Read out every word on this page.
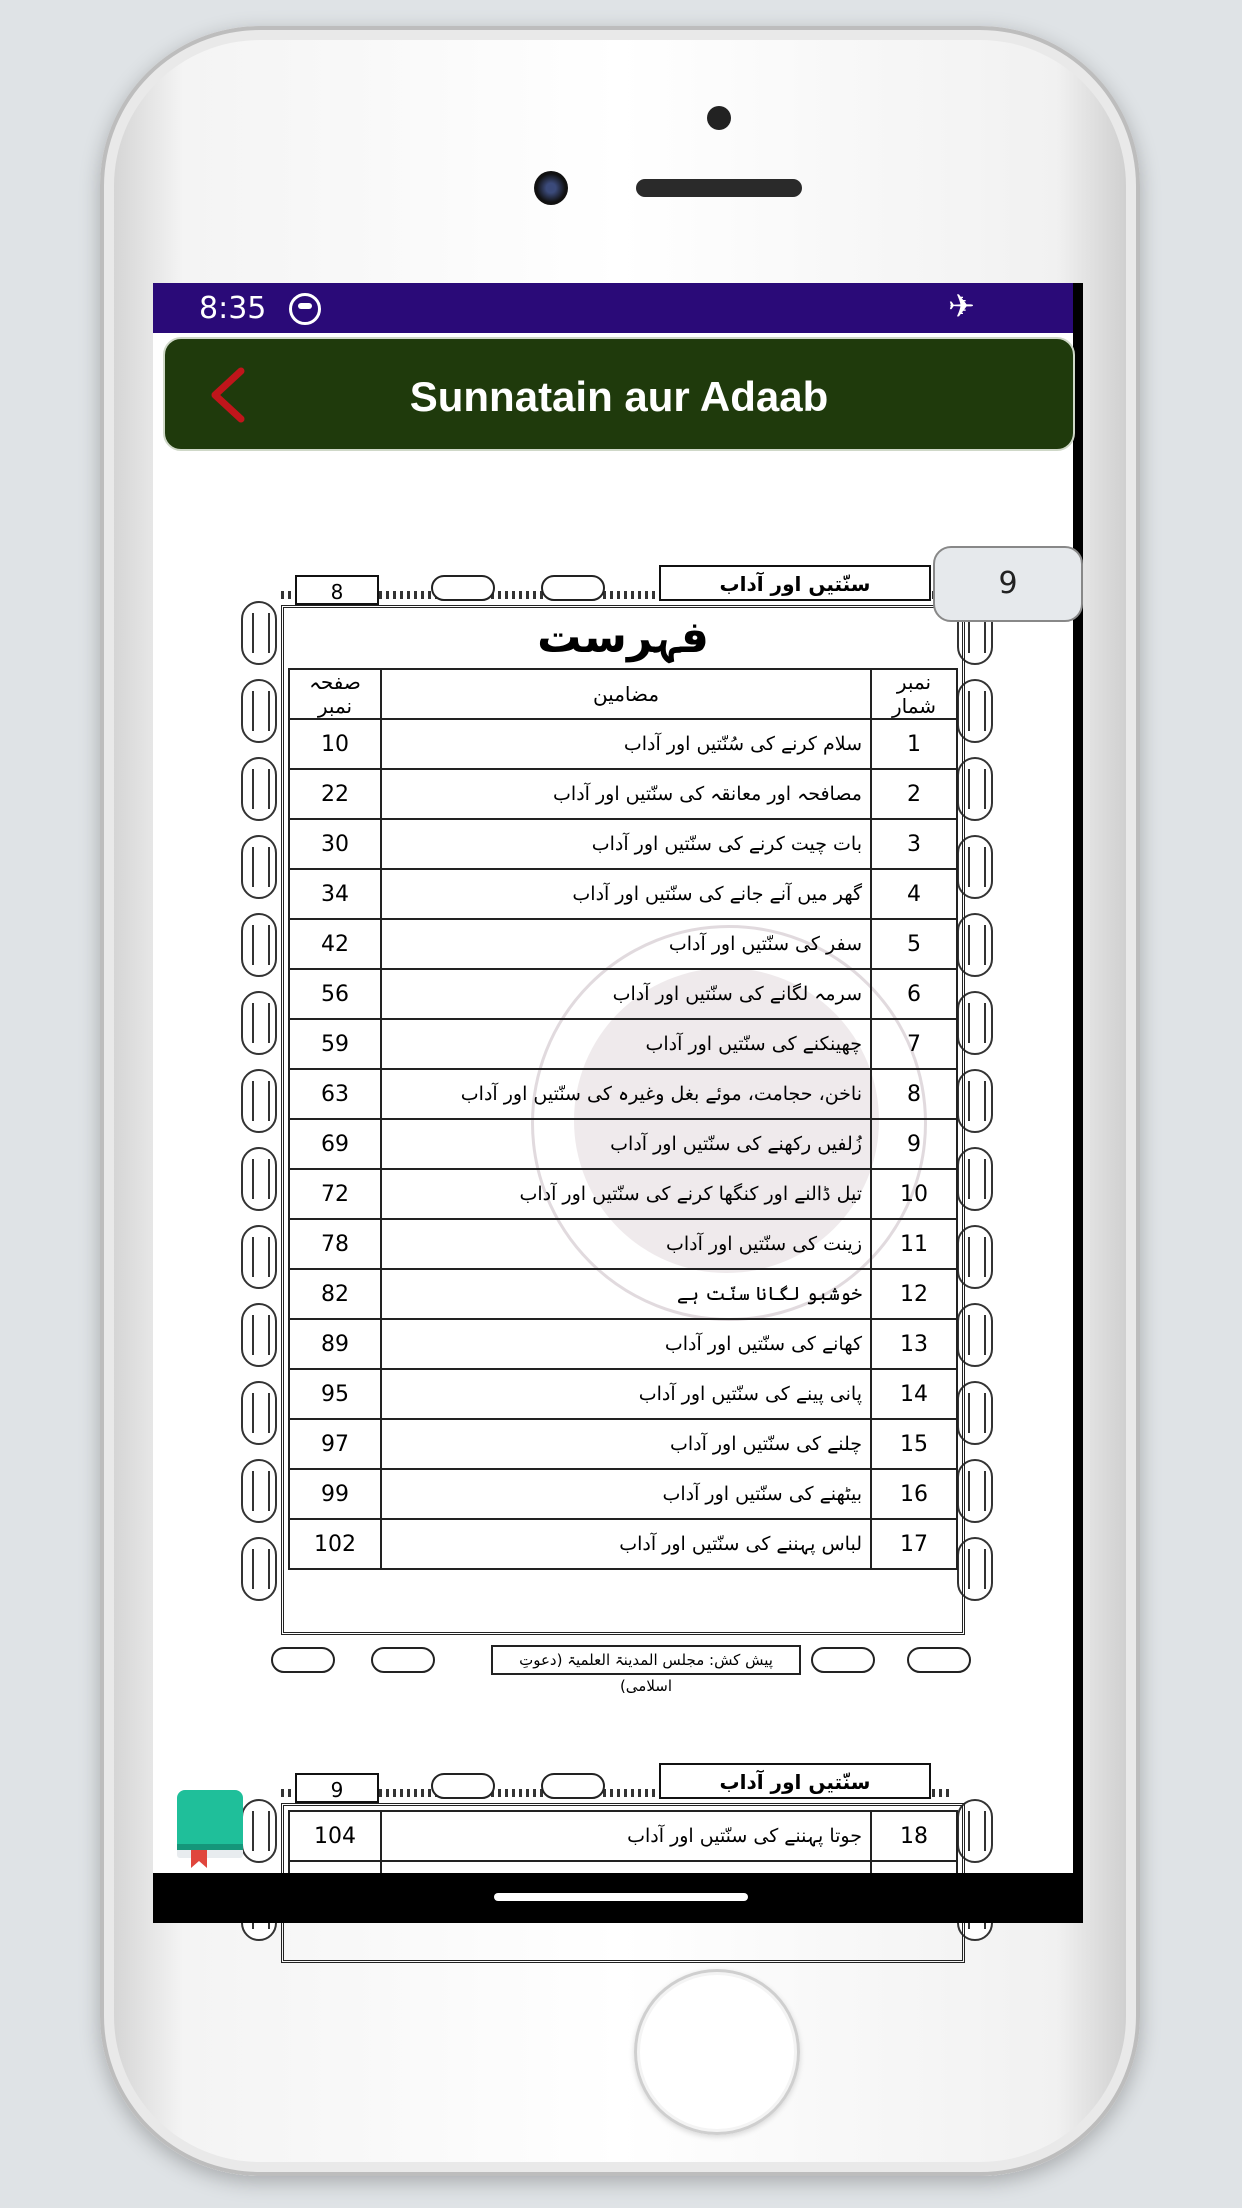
8:35	✈
Sunnatain aur Adaab
8	سنّتیں اور آداب
فہرست
صفحہ نمبر	مضامین	نمبر شمار
10	سلام کرنے کی سُنّتیں اور آداب	1
22	مصافحہ اور معانقہ کی سنّتیں اور آداب	2
30	بات چیت کرنے کی سنّتیں اور آداب	3
34	گھر میں آنے جانے کی سنّتیں اور آداب	4
42	سفر کی سنّتیں اور آداب	5
56	سرمہ لگانے کی سنّتیں اور آداب	6
59	چھینکنے کی سنّتیں اور آداب	7
63	ناخن، حجامت، موئے بغل وغیرہ کی سنّتیں اور آداب	8
69	زُلفیں رکھنے کی سنّتیں اور آداب	9
72	تیل ڈالنے اور کنگھا کرنے کی سنّتیں اور آداب	10
78	زینت کی سنّتیں اور آداب	11
82	خوشبو لگانا سنّت ہے	12
89	کھانے کی سنّتیں اور آداب	13
95	پانی پینے کی سنّتیں اور آداب	14
97	چلنے کی سنّتیں اور آداب	15
99	بیٹھنے کی سنّتیں اور آداب	16
102	لباس پہننے کی سنّتیں اور آداب	17
پیش کش: مجلس المدینۃ العلمیۃ (دعوتِ اسلامی)
9	سنّتیں اور آداب
104	جوتا پہننے کی سنّتیں اور آداب	18

9
